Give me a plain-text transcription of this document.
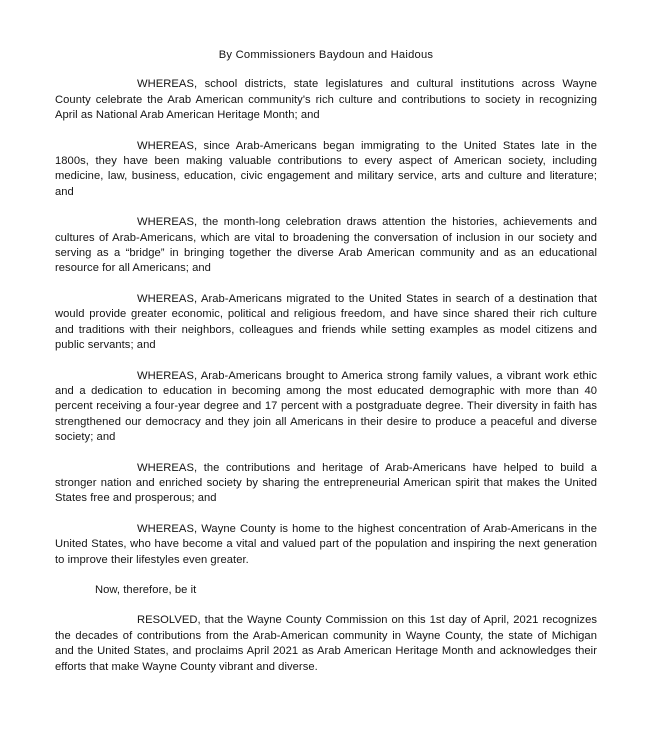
By Commissioners Baydoun and Haidous

WHEREAS, school districts, state legislatures and cultural institutions across Wayne County celebrate the Arab American community's rich culture and contributions to society in recognizing April as National Arab American Heritage Month; and

WHEREAS, since Arab-Americans began immigrating to the United States late in the 1800s, they have been making valuable contributions to every aspect of American society, including medicine, law, business, education, civic engagement and military service, arts and culture and literature; and

WHEREAS, the month-long celebration draws attention the histories, achievements and cultures of Arab-Americans, which are vital to broadening the conversation of inclusion in our society and serving as a “bridge” in bringing together the diverse Arab American community and as an educational resource for all Americans; and

WHEREAS, Arab-Americans migrated to the United States in search of a destination that would provide greater economic, political and religious freedom, and have since shared their rich culture and traditions with their neighbors, colleagues and friends while setting examples as model citizens and public servants; and

WHEREAS, Arab-Americans brought to America strong family values, a vibrant work ethic and a dedication to education in becoming among the most educated demographic with more than 40 percent receiving a four-year degree and 17 percent with a postgraduate degree. Their diversity in faith has strengthened our democracy and they join all Americans in their desire to produce a peaceful and diverse society; and

WHEREAS, the contributions and heritage of Arab-Americans have helped to build a stronger nation and enriched society by sharing the entrepreneurial American spirit that makes the United States free and prosperous; and

WHEREAS, Wayne County is home to the highest concentration of Arab-Americans in the United States, who have become a vital and valued part of the population and inspiring the next generation to improve their lifestyles even greater.

Now, therefore, be it

RESOLVED, that the Wayne County Commission on this 1st day of April, 2021 recognizes the decades of contributions from the Arab-American community in Wayne County, the state of Michigan and the United States, and proclaims April 2021 as Arab American Heritage Month and acknowledges their efforts that make Wayne County vibrant and diverse.
